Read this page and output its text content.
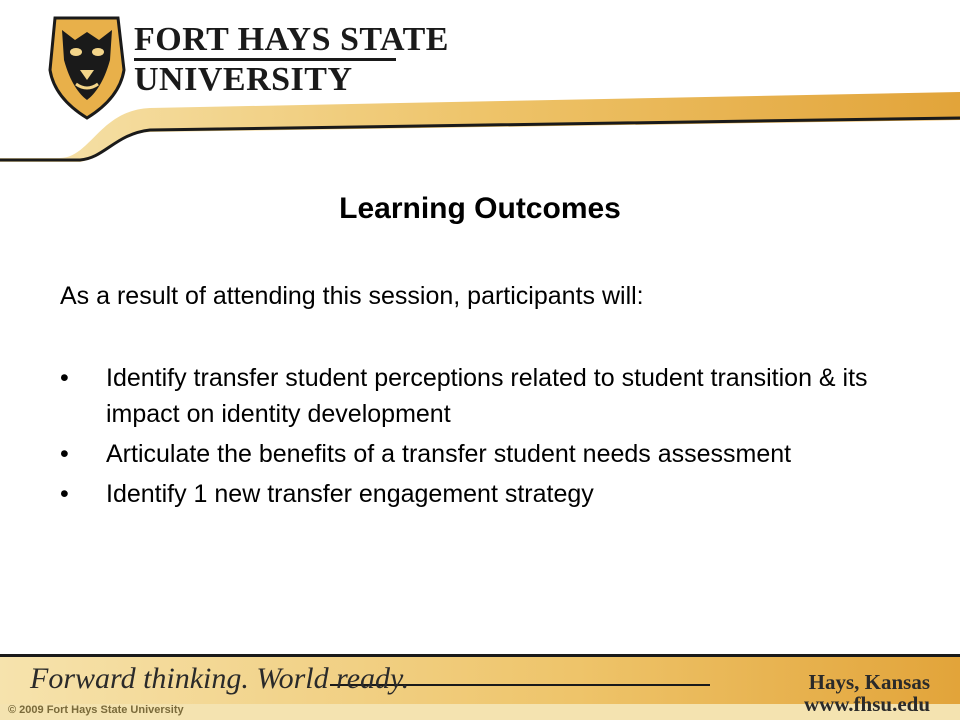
FORT HAYS STATE
UNIVERSITY
Learning Outcomes
As a result of attending this session, participants will:
• Identify transfer student perceptions related to student transition & its impact on identity development
• Articulate the benefits of a transfer student needs assessment
• Identify 1 new transfer engagement strategy
Forward thinking. World ready.	Hays, Kansas
www.fhsu.edu
© 2009 Fort Hays State University
